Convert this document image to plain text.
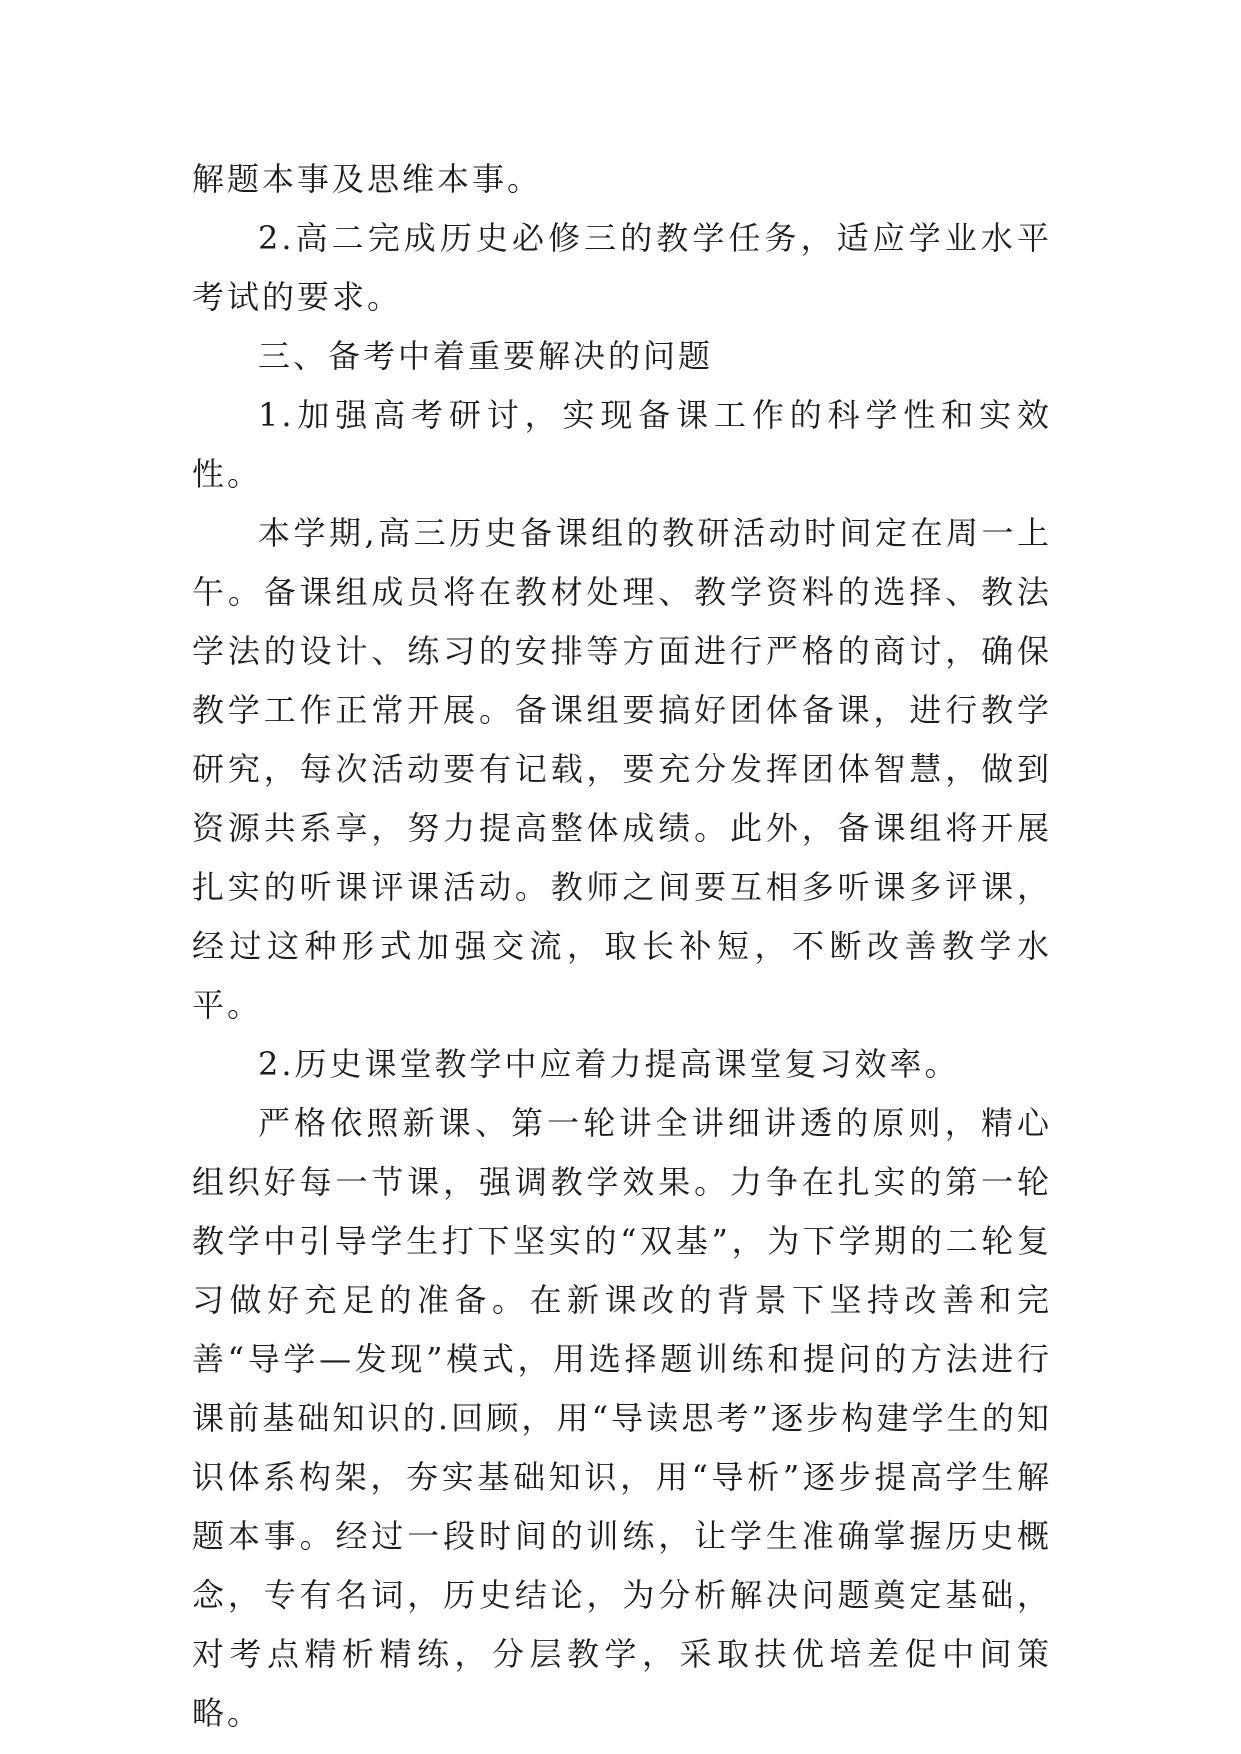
解题本事及思维本事。

2.高二完成历史必修三的教学任务，适应学业水平考试的要求。

三、备考中着重要解决的问题

1.加强高考研讨，实现备课工作的科学性和实效性。

本学期,高三历史备课组的教研活动时间定在周一上午。备课组成员将在教材处理、教学资料的选择、教法学法的设计、练习的安排等方面进行严格的商讨，确保教学工作正常开展。备课组要搞好团体备课，进行教学研究，每次活动要有记载，要充分发挥团体智慧，做到资源共系享，努力提高整体成绩。此外，备课组将开展扎实的听课评课活动。教师之间要互相多听课多评课，经过这种形式加强交流，取长补短，不断改善教学水平。

2.历史课堂教学中应着力提高课堂复习效率。

严格依照新课、第一轮讲全讲细讲透的原则，精心组织好每一节课，强调教学效果。力争在扎实的第一轮教学中引导学生打下坚实的“双基”，为下学期的二轮复习做好充足的准备。在新课改的背景下坚持改善和完善“导学—发现”模式，用选择题训练和提问的方法进行课前基础知识的.回顾，用“导读思考”逐步构建学生的知识体系构架，夯实基础知识，用“导析”逐步提高学生解题本事。经过一段时间的训练，让学生准确掌握历史概念，专有名词，历史结论，为分析解决问题奠定基础，对考点精析精练，分层教学，采取扶优培差促中间策略。
